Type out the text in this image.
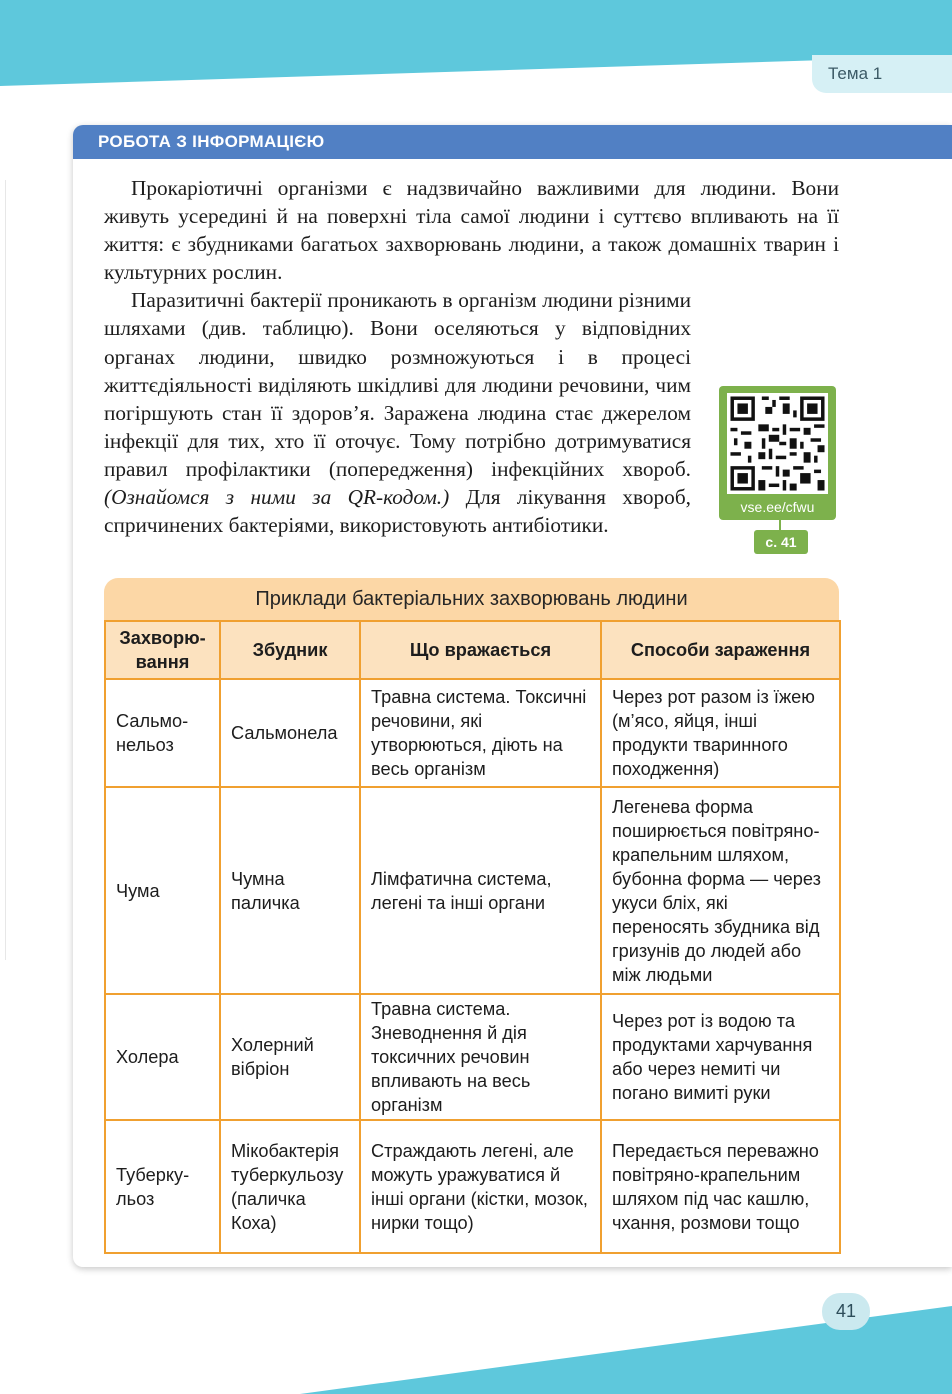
Тема 1
РОБОТА З ІНФОРМАЦІЄЮ

Прокаріотичні організми є надзвичайно важливими для людини. Вони живуть усередині й на поверхні тіла самої людини і суттєво впливають на її життя: є збудниками багатьох захворювань людини, а також домашніх тварин і культурних рослин.

Паразитичні бактерії проникають в організм людини різними шляхами (див. таблицю). Вони оселяються у відповідних органах людини, швидко розмножуються і в процесі життєдіяльності виділяють шкідливі для людини речовини, чим погіршують стан її здоров’я. Заражена людина стає джерелом інфекції для тих, хто її оточує. Тому потрібно дотримуватися правил профілактики (попередження) інфекційних хвороб. (Ознайомся з ними за QR-кодом.) Для лікування хвороб, спричинених бактеріями, використовують антибіотики.

vse.ee/cfwu
с. 41
Приклади бактеріальних захворювань людини
Захворю-вання	Збудник	Що вражається	Способи зараження
Сальмо-нельоз	Сальмонела	Травна система. Токсичні речовини, які утворюються, діють на весь організм	Через рот разом із їжею (м’ясо, яйця, інші продукти тваринного походження)
Чума	Чумна паличка	Лімфатична система, легені та інші органи	Легенева форма поширюється повітряно-крапельним шляхом, бубонна форма — через укуси бліх, які переносять збудника від гризунів до людей або між людьми
Холера	Холерний вібріон	Травна система. Зневоднення й дія токсичних речовин впливають на весь організм	Через рот із водою та продуктами харчування або через немиті чи погано вимиті руки
Туберку-льоз	Мікобактерія туберкульозу (паличка Коха)	Страждають легені, але можуть уражуватися й інші органи (кістки, мозок, нирки тощо)	Передається переважно повітряно-крапельним шляхом під час кашлю, чхання, розмови тощо
41
